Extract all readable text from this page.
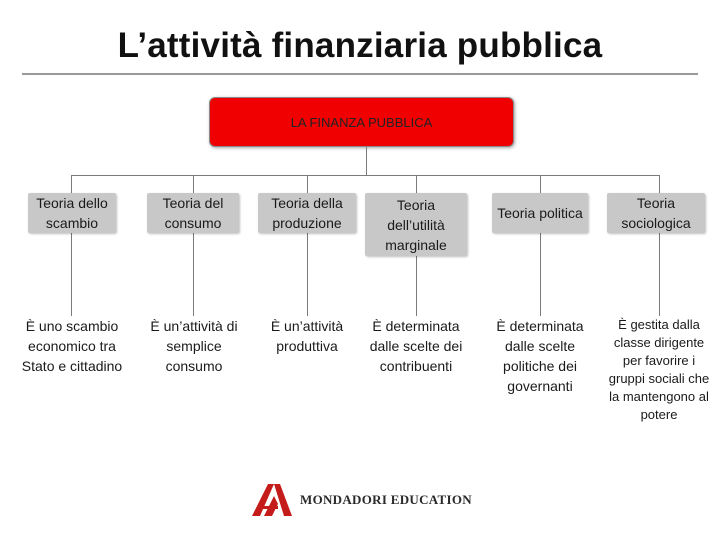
L’attività finanziaria pubblica
LA FINANZA PUBBLICA
Teoria dello scambio
Teoria del consumo
Teoria della produzione
Teoria dell’utilità marginale
Teoria politica
Teoria sociologica
È uno scambio economico tra Stato e cittadino
È un’attività di semplice consumo
È un’attività produttiva
È determinata dalle scelte dei contribuenti
È determinata dalle scelte politiche dei governanti
È gestita dalla classe dirigente per favorire i gruppi sociali che la mantengono al potere
MONDADORI EDUCATION
